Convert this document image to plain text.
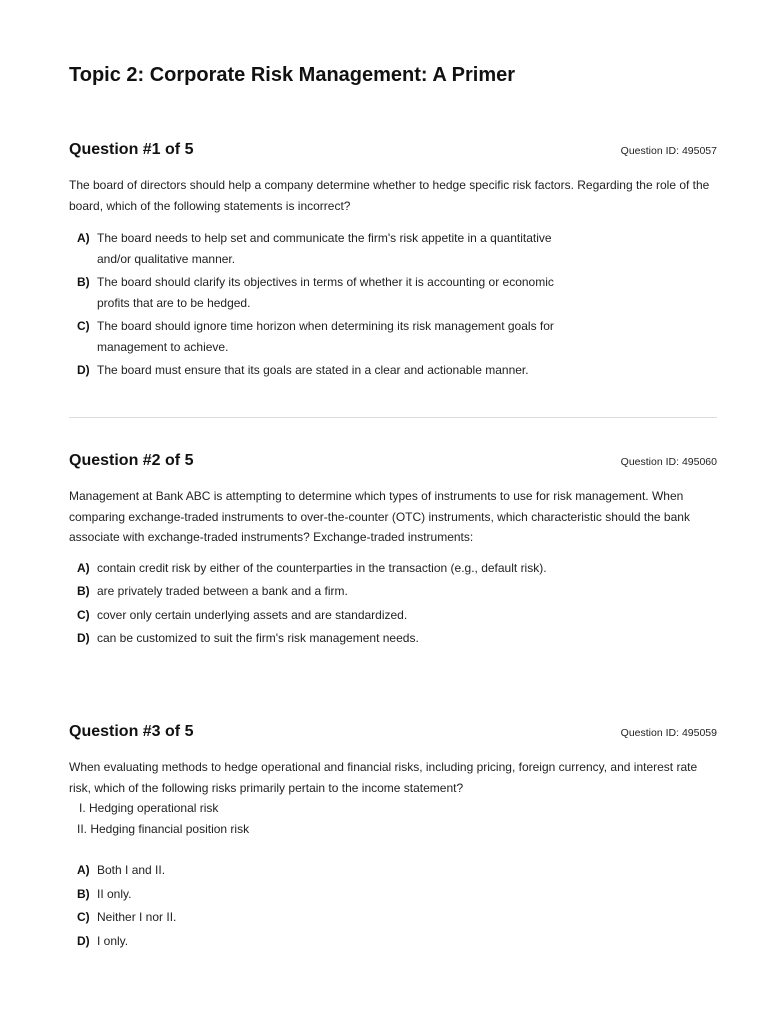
Topic 2: Corporate Risk Management: A Primer
Question #1 of 5	Question ID: 495057
The board of directors should help a company determine whether to hedge specific risk factors. Regarding the role of the board, which of the following statements is incorrect?
A) The board needs to help set and communicate the firm's risk appetite in a quantitative and/or qualitative manner.
B) The board should clarify its objectives in terms of whether it is accounting or economic profits that are to be hedged.
C) The board should ignore time horizon when determining its risk management goals for management to achieve.
D) The board must ensure that its goals are stated in a clear and actionable manner.
Question #2 of 5	Question ID: 495060
Management at Bank ABC is attempting to determine which types of instruments to use for risk management. When comparing exchange-traded instruments to over-the-counter (OTC) instruments, which characteristic should the bank associate with exchange-traded instruments? Exchange-traded instruments:
A) contain credit risk by either of the counterparties in the transaction (e.g., default risk).
B) are privately traded between a bank and a firm.
C) cover only certain underlying assets and are standardized.
D) can be customized to suit the firm's risk management needs.
Question #3 of 5	Question ID: 495059
When evaluating methods to hedge operational and financial risks, including pricing, foreign currency, and interest rate risk, which of the following risks primarily pertain to the income statement?
I. Hedging operational risk
II. Hedging financial position risk
A) Both I and II.
B) II only.
C) Neither I nor II.
D) I only.
